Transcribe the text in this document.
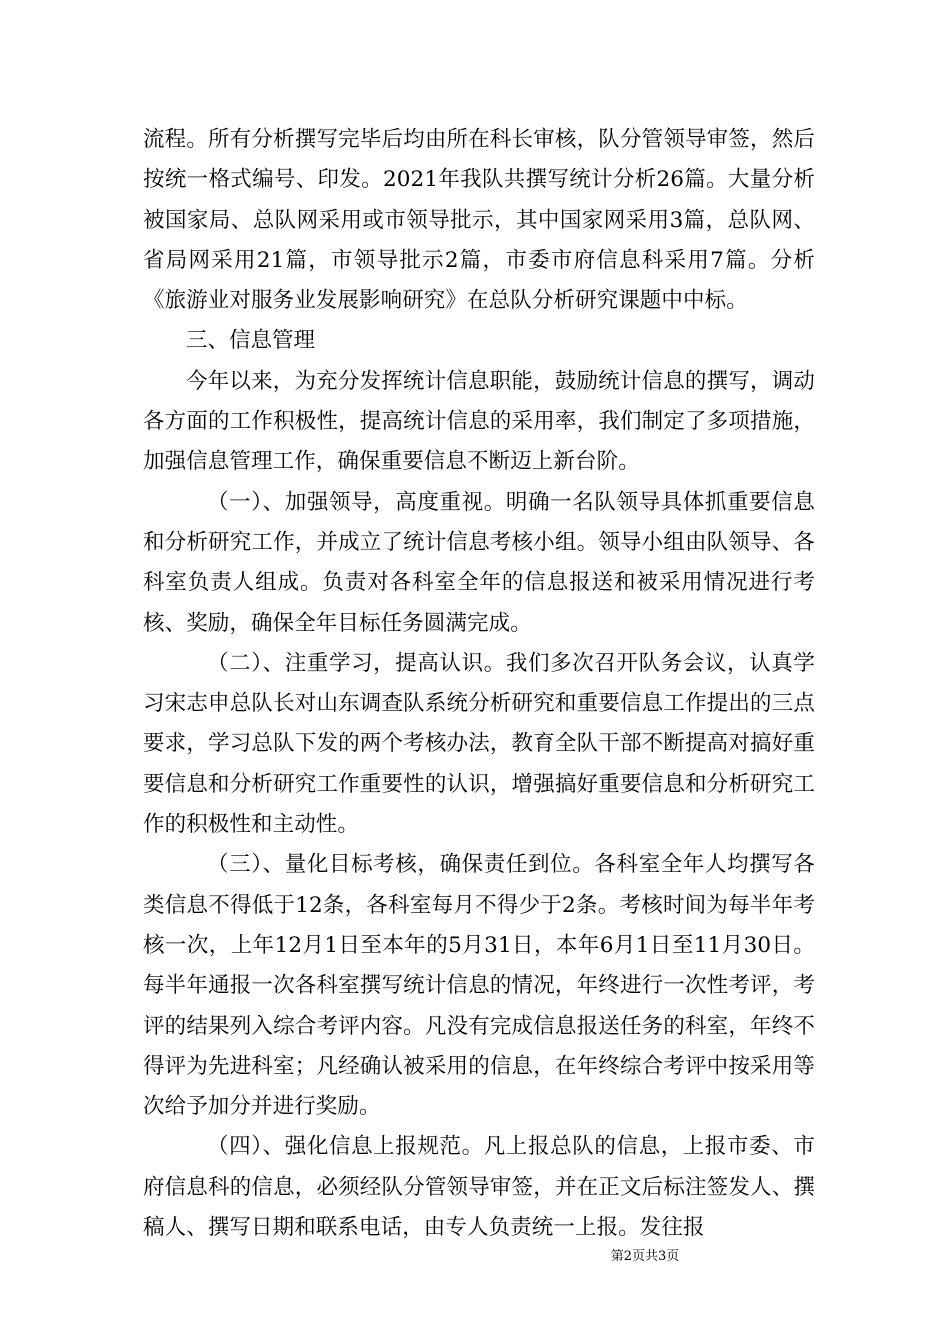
流程。所有分析撰写完毕后均由所在科长审核，队分管领导审签，然后按统一格式编号、印发。2021年我队共撰写统计分析26篇。大量分析被国家局、总队网采用或市领导批示，其中国家网采用3篇，总队网、省局网采用21篇，市领导批示2篇，市委市府信息科采用7篇。分析《旅游业对服务业发展影响研究》在总队分析研究课题中中标。

三、信息管理

今年以来，为充分发挥统计信息职能，鼓励统计信息的撰写，调动各方面的工作积极性，提高统计信息的采用率，我们制定了多项措施，加强信息管理工作，确保重要信息不断迈上新台阶。

（一）、加强领导，高度重视。明确一名队领导具体抓重要信息和分析研究工作，并成立了统计信息考核小组。领导小组由队领导、各科室负责人组成。负责对各科室全年的信息报送和被采用情况进行考核、奖励，确保全年目标任务圆满完成。

（二）、注重学习，提高认识。我们多次召开队务会议，认真学习宋志申总队长对山东调查队系统分析研究和重要信息工作提出的三点要求，学习总队下发的两个考核办法，教育全队干部不断提高对搞好重要信息和分析研究工作重要性的认识，增强搞好重要信息和分析研究工作的积极性和主动性。

（三）、量化目标考核，确保责任到位。各科室全年人均撰写各类信息不得低于12条，各科室每月不得少于2条。考核时间为每半年考核一次，上年12月1日至本年的5月31日，本年6月1日至11月30日。每半年通报一次各科室撰写统计信息的情况，年终进行一次性考评，考评的结果列入综合考评内容。凡没有完成信息报送任务的科室，年终不得评为先进科室；凡经确认被采用的信息，在年终综合考评中按采用等次给予加分并进行奖励。

（四）、强化信息上报规范。凡上报总队的信息，上报市委、市府信息科的信息，必须经队分管领导审签，并在正文后标注签发人、撰稿人、撰写日期和联系电话，由专人负责统一上报。发往报

第2页共3页
